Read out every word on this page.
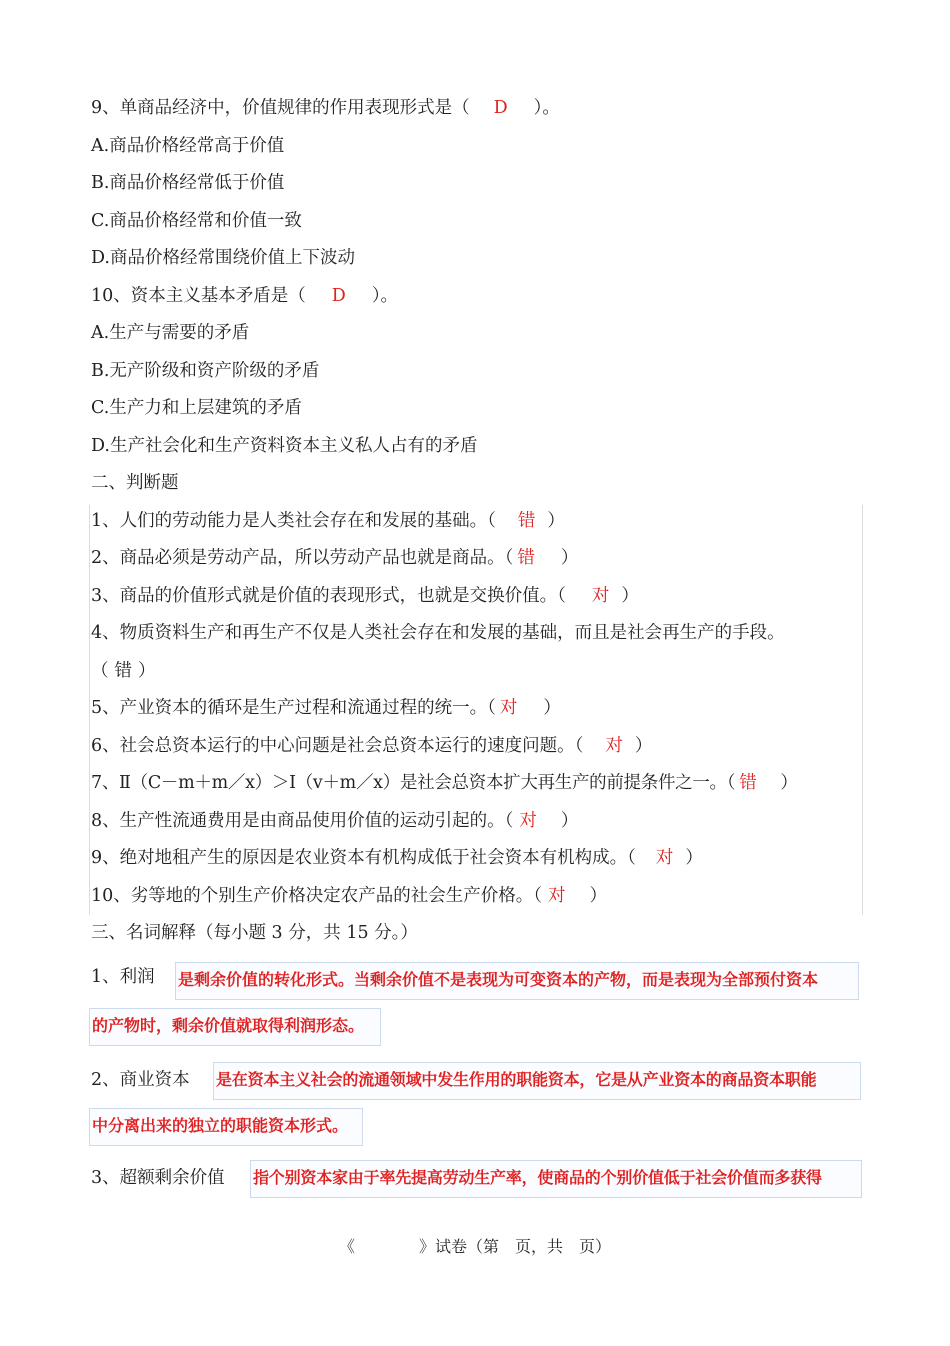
9、单商品经济中，价值规律的作用表现形式是（ D ）。
A.商品价格经常高于价值
B.商品价格经常低于价值
C.商品价格经常和价值一致
D.商品价格经常围绕价值上下波动
10、资本主义基本矛盾是（ D ）。
A.生产与需要的矛盾
B.无产阶级和资产阶级的矛盾
C.生产力和上层建筑的矛盾
D.生产社会化和生产资料资本主义私人占有的矛盾
二、判断题
1、人们的劳动能力是人类社会存在和发展的基础。（ 错 ）
2、商品必须是劳动产品，所以劳动产品也就是商品。（ 错 ）
3、商品的价值形式就是价值的表现形式，也就是交换价值。（ 对 ）
4、物质资料生产和再生产不仅是人类社会存在和发展的基础，而且是社会再生产的手段。
（ 错 ）
5、产业资本的循环是生产过程和流通过程的统一。（ 对 ）
6、社会总资本运行的中心问题是社会总资本运行的速度问题。（ 对 ）
7、Ⅱ（C－m＋m／x）＞Ⅰ（v＋m／x）是社会总资本扩大再生产的前提条件之一。（ 错 ）
8、生产性流通费用是由商品使用价值的运动引起的。（ 对 ）
9、绝对地租产生的原因是农业资本有机构成低于社会资本有机构成。（ 对 ）
10、劣等地的个别生产价格决定农产品的社会生产价格。（ 对 ）
三、名词解释（每小题 3 分，共 15 分。）
1、利润 是剩余价值的转化形式。当剩余价值不是表现为可变资本的产物，而是表现为全部预付资本
的产物时，剩余价值就取得利润形态。
2、商业资本 是在资本主义社会的流通领域中发生作用的职能资本，它是从产业资本的商品资本职能
中分离出来的独立的职能资本形式。
3、超额剩余价值 指个别资本家由于率先提高劳动生产率，使商品的个别价值低于社会价值而多获得
《　　　　》试卷（第　页，共　页）
